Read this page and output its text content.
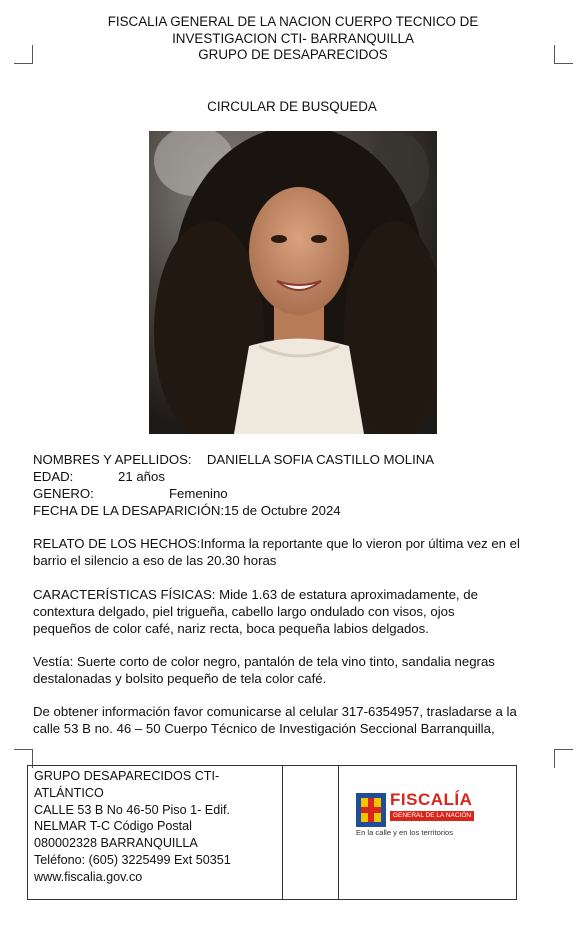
FISCALIA GENERAL DE LA NACION CUERPO TECNICO DE
INVESTIGACION CTI- BARRANQUILLA
GRUPO DE DESAPARECIDOS
CIRCULAR DE BUSQUEDA
NOMBRES Y APELLIDOS: DANIELLA SOFIA CASTILLO MOLINA
EDAD:	21 años
GENERO:	Femenino
FECHA DE LA DESAPARICIÓN:15 de Octubre 2024
RELATO DE LOS HECHOS:Informa la reportante que lo vieron por última vez en el
barrio el silencio a eso de las 20.30 horas
CARACTERÍSTICAS FÍSICAS: Mide 1.63 de estatura aproximadamente, de
contextura delgado, piel trigueña, cabello largo ondulado con visos, ojos
pequeños de color café, nariz recta, boca pequeña labios delgados.
Vestía: Suerte corto de color negro, pantalón de tela vino tinto, sandalia negras
destalonadas y bolsito pequeño de tela color café.
De obtener información favor comunicarse al celular 317-6354957, trasladarse a la
calle 53 B no. 46 – 50 Cuerpo Técnico de Investigación Seccional Barranquilla,
GRUPO DESAPARECIDOS CTI-
ATLÁNTICO
CALLE 53 B No 46-50 Piso 1- Edif.
NELMAR T-C Código Postal
080002328 BARRANQUILLA
Teléfono: (605) 3225499 Ext 50351
www.fiscalia.gov.co
FISCALÍA
GENERAL DE LA NACIÓN
En la calle y en los territorios
